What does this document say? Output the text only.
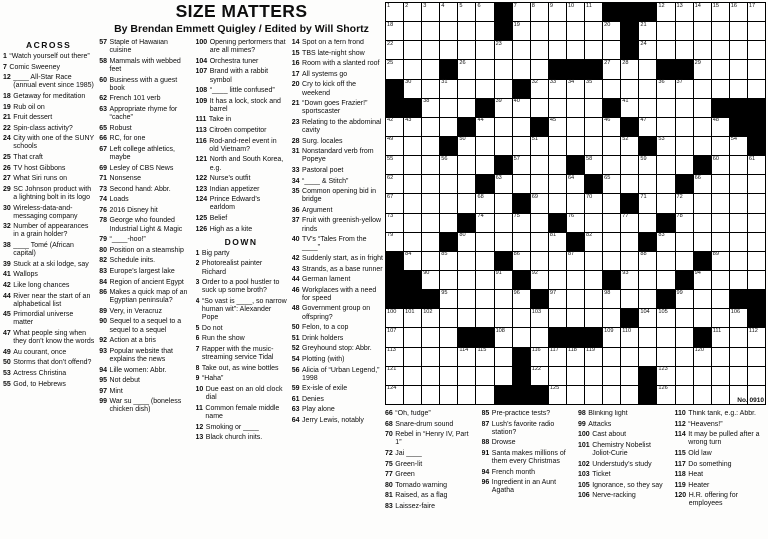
SIZE MATTERS
By Brendan Emmett Quigley / Edited by Will Shortz
ACROSS
1 “Watch yourself out there”
7 Comic Sweeney
12 ____ All-Star Race (annual event since 1985)
18 Getaway for meditation
19 Rub oil on
21 Fruit dessert
22 Spin-class activity?
24 City with one of the SUNY schools
25 That craft
26 TV host Gibbons
27 What Siri runs on
29 SC Johnson product with a lightning bolt in its logo
30 Wireless-data-and-messaging company
32 Number of appearances in a grain holder?
38 ____ Tomé (African capital)
39 Stuck at a ski lodge, say
41 Wallops
42 Like long chances
44 River near the start of an alphabetical list
45 Primordial universe matter
47 What people sing when they don’t know the words
49 Au courant, once
50 Storms that don’t offend?
53 Actress Christina
55 God, to Hebrews
57 Staple of Hawaiian cuisine
58 Mammals with webbed feet
60 Business with a guest book
62 French 101 verb
63 Appropriate rhyme for “cache”
65 Robust
66 RC, for one
67 Left college athletics, maybe
69 Lesley of CBS News
71 Nonsense
73 Second hand: Abbr.
74 Loads
76 2016 Disney hit
78 George who founded Industrial Light & Magic
79 “____-hoo!”
80 Position on a steamship
82 Schedule inits.
83 Europe’s largest lake
84 Region of ancient Egypt
86 Makes a quick map of an Egyptian peninsula?
89 Very, in Veracruz
90 Sequel to a sequel to a sequel to a sequel
92 Action at a bris
93 Popular website that explains the news
94 Lille women: Abbr.
95 Not debut
97 Mint
99 War su ____ (boneless chicken dish)
100 Opening performers that are all mimes?
104 Orchestra tuner
107 Brand with a rabbit symbol
108 “____ little confused”
109 It has a lock, stock and barrel
111 Take in
113 Citroën competitor
116 Rod-and-reel event in old Vietnam?
121 North and South Korea, e.g.
122 Nurse’s outfit
123 Indian appetizer
124 Prince Edward’s earldom
125 Belief
126 High as a kite
DOWN
1 Big party
2 Photorealist painter Richard
3 Order to a pool hustler to suck up some broth?
4 “So vast is ____, so narrow human wit”: Alexander Pope
5 Do not
6 Run the show
7 Rapper with the music-streaming service Tidal
8 Take out, as wine bottles
9 “Haha”
10 Due east on an old clock dial
11 Common female middle name
12 Smoking or ____
13 Black church inits.
14 Spot on a fern frond
15 TBS late-night show
16 Room with a slanted roof
17 All systems go
20 Cry to kick off the weekend
21 “Down goes Frazier!” sportscaster
23 Relating to the abdominal cavity
28 Surg. locales
31 Nonstandard verb from Popeye
33 Pastoral poet
34 “____ & Stitch”
35 Common opening bid in bridge
36 Argument
37 Fruit with greenish-yellow rinds
40 TV’s “Tales From the ____”
42 Suddenly start, as in fright
43 Strands, as a base runner
44 German lament
46 Workplaces with a need for speed
48 Government group on offspring?
50 Felon, to a cop
51 Drink holders
52 Greyhound stop: Abbr.
54 Plotting (with)
56 Alicia of “Urban Legend,” 1998
59 Ex-isle of exile
61 Denies
63 Play alone
64 Jerry Lewis, notably
1	2	3	4	5	6	7	8	9	10 11	12 13 14 15 16 17
18	19	20	21
22	23	24
25	26	27 28	29
30	31	32 33 34 35	36 37
38	39 40	41
42 43	44	45	46	47	48
49	50	51	52	53	54
55	56	57	58	59	60	61
62	63	64	65	66
67	68	69	70	71	72
73	74	75	76	77	78
79	80	81	82	83
84	85	86	87	88	89
90	91	92	93	94
95	96	97	98	99
100 101 102	103	104 105	106
107	108	109 110	111	112
113	114 115	116 117 118 119	120
121	122	123
124	125	126
No. 0910
66 “Oh, fudge”
68 Snare-drum sound
70 Rebel in “Henry IV, Part 1”
72 Jai ____
75 Green-lit
77 Green
80 Tornado warning
81 Raised, as a flag
83 Laissez-faire
85 Pre-practice tests?
87 Lush’s favorite radio station?
88 Drowse
91 Santa makes millions of them every Christmas
94 French month
96 Ingredient in an Aunt Agatha
98 Blinking light
99 Attacks
100 Cast about
101 Chemistry Nobelist Joliot-Curie
102 Understudy’s study
103 Ticket
105 Ignorance, so they say
106 Nerve-racking
110 Think tank, e.g.: Abbr.
112 “Heavens!”
114 It may be pulled after a wrong turn
115 Old law
117 Do something
118 Heat
119 Heater
120 H.R. offering for employees
